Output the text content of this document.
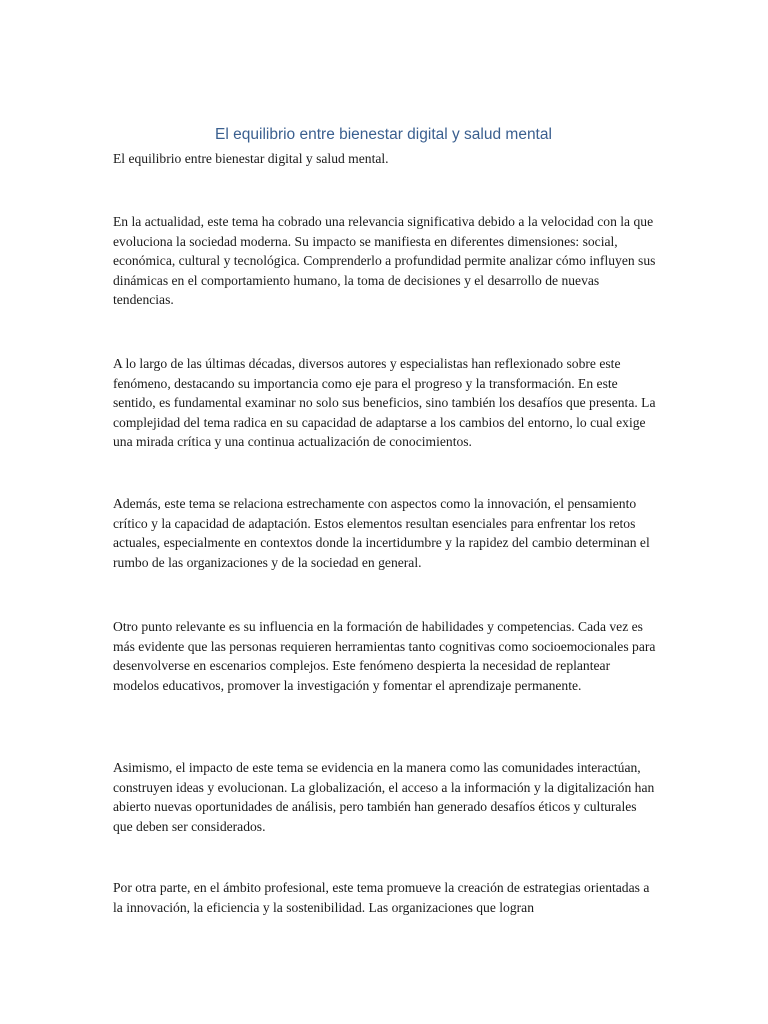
El equilibrio entre bienestar digital y salud mental

El equilibrio entre bienestar digital y salud mental.

En la actualidad, este tema ha cobrado una relevancia significativa debido a la velocidad con la que evoluciona la sociedad moderna. Su impacto se manifiesta en diferentes dimensiones: social, económica, cultural y tecnológica. Comprenderlo a profundidad permite analizar cómo influyen sus dinámicas en el comportamiento humano, la toma de decisiones y el desarrollo de nuevas tendencias.

A lo largo de las últimas décadas, diversos autores y especialistas han reflexionado sobre este fenómeno, destacando su importancia como eje para el progreso y la transformación. En este sentido, es fundamental examinar no solo sus beneficios, sino también los desafíos que presenta. La complejidad del tema radica en su capacidad de adaptarse a los cambios del entorno, lo cual exige una mirada crítica y una continua actualización de conocimientos.

Además, este tema se relaciona estrechamente con aspectos como la innovación, el pensamiento crítico y la capacidad de adaptación. Estos elementos resultan esenciales para enfrentar los retos actuales, especialmente en contextos donde la incertidumbre y la rapidez del cambio determinan el rumbo de las organizaciones y de la sociedad en general.

Otro punto relevante es su influencia en la formación de habilidades y competencias. Cada vez es más evidente que las personas requieren herramientas tanto cognitivas como socioemocionales para desenvolverse en escenarios complejos. Este fenómeno despierta la necesidad de replantear modelos educativos, promover la investigación y fomentar el aprendizaje permanente.

Asimismo, el impacto de este tema se evidencia en la manera como las comunidades interactúan, construyen ideas y evolucionan. La globalización, el acceso a la información y la digitalización han abierto nuevas oportunidades de análisis, pero también han generado desafíos éticos y culturales que deben ser considerados.

Por otra parte, en el ámbito profesional, este tema promueve la creación de estrategias orientadas a la innovación, la eficiencia y la sostenibilidad. Las organizaciones que logran
